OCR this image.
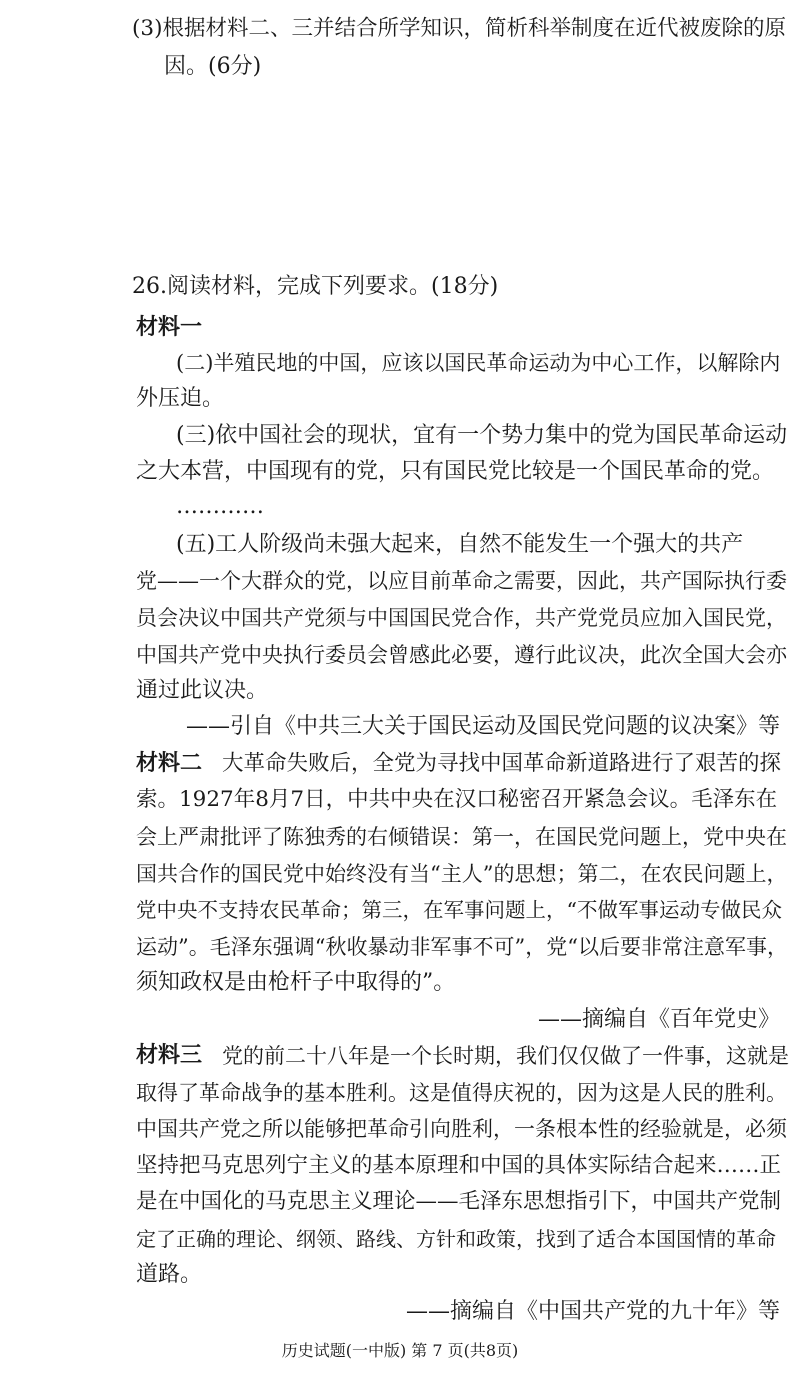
(3)根据材料二、三并结合所学知识，简析科举制度在近代被废除的原
因。(6分)
26.阅读材料，完成下列要求。(18分)
材料一
(二)半殖民地的中国，应该以国民革命运动为中心工作，以解除内
外压迫。
(三)依中国社会的现状，宜有一个势力集中的党为国民革命运动
之大本营，中国现有的党，只有国民党比较是一个国民革命的党。
…………
(五)工人阶级尚未强大起来，自然不能发生一个强大的共产
党——一个大群众的党，以应目前革命之需要，因此，共产国际执行委
员会决议中国共产党须与中国国民党合作，共产党党员应加入国民党，
中国共产党中央执行委员会曾感此必要，遵行此议决，此次全国大会亦
通过此议决。
——引自《中共三大关于国民运动及国民党问题的议决案》等
材料二 大革命失败后，全党为寻找中国革命新道路进行了艰苦的探
索。1927年8月7日，中共中央在汉口秘密召开紧急会议。毛泽东在
会上严肃批评了陈独秀的右倾错误：第一，在国民党问题上，党中央在
国共合作的国民党中始终没有当“主人”的思想；第二，在农民问题上，
党中央不支持农民革命；第三，在军事问题上，“不做军事运动专做民众
运动”。毛泽东强调“秋收暴动非军事不可”，党“以后要非常注意军事，
须知政权是由枪杆子中取得的”。
——摘编自《百年党史》
材料三 党的前二十八年是一个长时期，我们仅仅做了一件事，这就是
取得了革命战争的基本胜利。这是值得庆祝的，因为这是人民的胜利。
中国共产党之所以能够把革命引向胜利，一条根本性的经验就是，必须
坚持把马克思列宁主义的基本原理和中国的具体实际结合起来……正
是在中国化的马克思主义理论——毛泽东思想指引下，中国共产党制
定了正确的理论、纲领、路线、方针和政策，找到了适合本国国情的革命
道路。
——摘编自《中国共产党的九十年》等
历史试题(一中版) 第 7 页(共8页)
